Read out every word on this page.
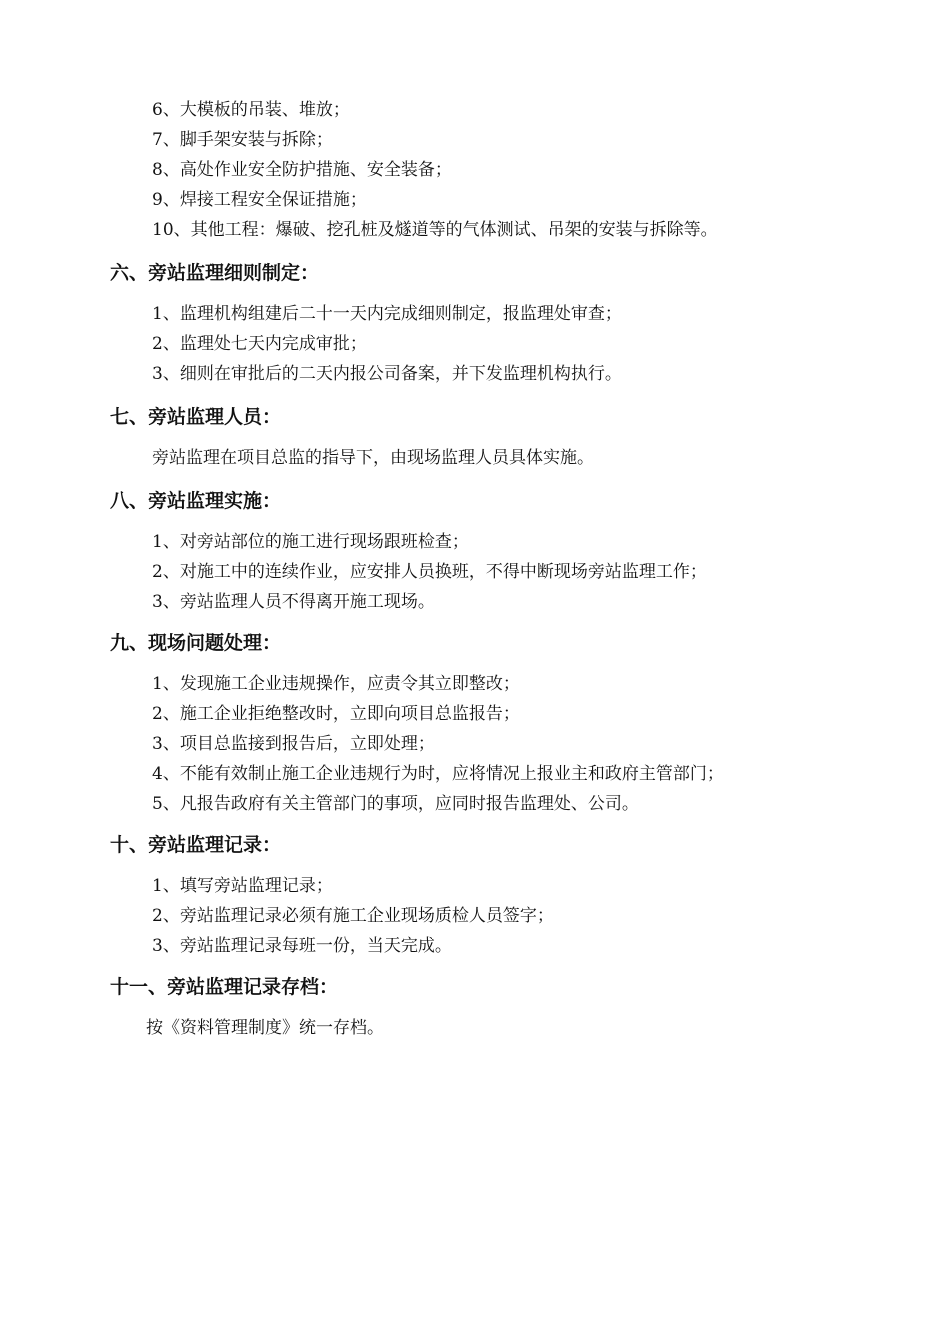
6、大模板的吊装、堆放；
7、脚手架安装与拆除；
8、高处作业安全防护措施、安全装备；
9、焊接工程安全保证措施；
10、其他工程：爆破、挖孔桩及燧道等的气体测试、吊架的安装与拆除等。
六、旁站监理细则制定：
1、监理机构组建后二十一天内完成细则制定，报监理处审查；
2、监理处七天内完成审批；
3、细则在审批后的二天内报公司备案，并下发监理机构执行。
七、旁站监理人员：
旁站监理在项目总监的指导下，由现场监理人员具体实施。
八、旁站监理实施：
1、对旁站部位的施工进行现场跟班检查；
2、对施工中的连续作业，应安排人员换班，不得中断现场旁站监理工作；
3、旁站监理人员不得离开施工现场。
九、现场问题处理：
1、发现施工企业违规操作，应责令其立即整改；
2、施工企业拒绝整改时，立即向项目总监报告；
3、项目总监接到报告后，立即处理；
4、不能有效制止施工企业违规行为时，应将情况上报业主和政府主管部门；
5、凡报告政府有关主管部门的事项，应同时报告监理处、公司。
十、旁站监理记录：
1、填写旁站监理记录；
2、旁站监理记录必须有施工企业现场质检人员签字；
3、旁站监理记录每班一份，当天完成。
十一、旁站监理记录存档：
按《资料管理制度》统一存档。
